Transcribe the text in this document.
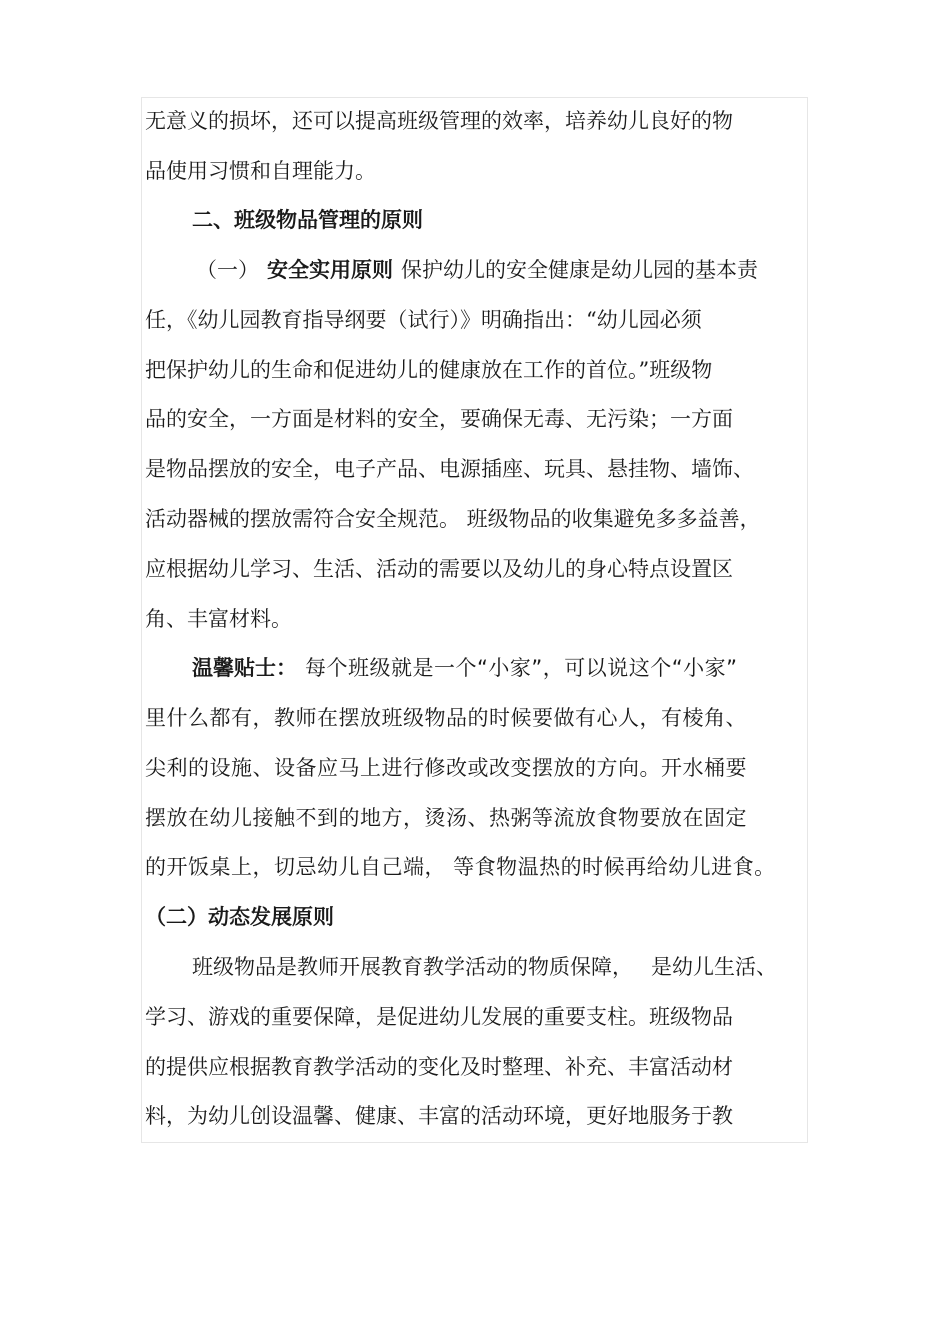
无意义的损坏，还可以提高班级管理的效率，培养幼儿良好的物

品使用习惯和自理能力。

二、班级物品管理的原则

（一） 安全实用原则 保护幼儿的安全健康是幼儿园的基本责

任，《幼儿园教育指导纲要（试行）》明确指出：“幼儿园必须

把保护幼儿的生命和促进幼儿的健康放在工作的首位。”班级物

品的安全，一方面是材料的安全，要确保无毒、无污染；一方面

是物品摆放的安全，电子产品、电源插座、玩具、悬挂物、墙饰、

活动器械的摆放需符合安全规范。 班级物品的收集避免多多益善，

应根据幼儿学习、生活、活动的需要以及幼儿的身心特点设置区

角、丰富材料。

温馨贴士： 每个班级就是一个“小家”，可以说这个“小家”

里什么都有，教师在摆放班级物品的时候要做有心人，有棱角、

尖利的设施、设备应马上进行修改或改变摆放的方向。开水桶要

摆放在幼儿接触不到的地方，烫汤、热粥等流放食物要放在固定

的开饭桌上，切忌幼儿自己端， 等食物温热的时候再给幼儿进食。

（二）动态发展原则

班级物品是教师开展教育教学活动的物质保障， 是幼儿生活、

学习、游戏的重要保障，是促进幼儿发展的重要支柱。班级物品

的提供应根据教育教学活动的变化及时整理、补充、丰富活动材

料，为幼儿创设温馨、健康、丰富的活动环境，更好地服务于教
